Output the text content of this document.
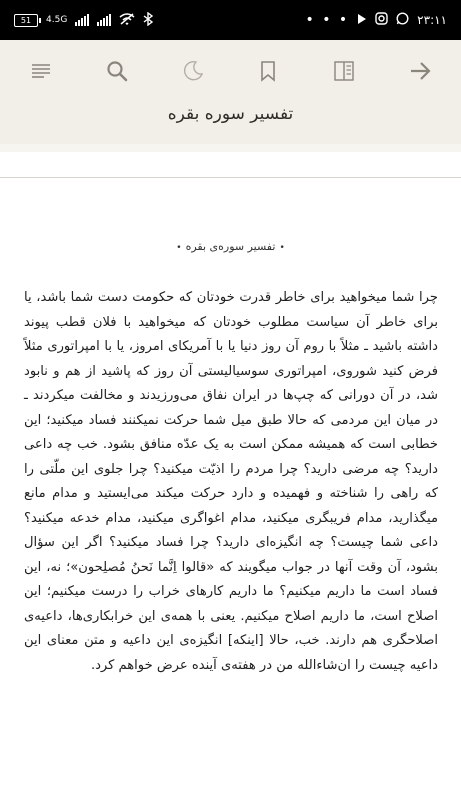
51	4.5G	• • •	۲۳:۱۱
تفسیر سوره بقره
•تفسیر سوره‌ی بقره•
چرا شما میخواهید برای خاطر قدرت خودتان که حکومت دست شما باشد، یا برای خاطر آن سیاست مطلوب خودتان که میخواهید با فلان قطب پیوند داشته باشید ـ مثلاً با روم آن روز دنیا یا با آمریکای امروز، یا با امپراتوری مثلاً فرض کنید شوروی، امپراتوری سوسیالیستی آن روز که پاشید از هم و نابود شد، در آن دورانی که چپ‌ها در ایران نفاق می‌ورزیدند و مخالفت میکردند ـ در میان این مردمی که حالا طبق میل شما حرکت نمیکنند فساد میکنید؛ این خطابی است که همیشه ممکن است به یک عدّه منافق بشود. خب چه داعی دارید؟ چه مرضی دارید؟ چرا مردم را اذیّت میکنید؟ چرا جلوی این ملّتی را که راهی را شناخته و فهمیده و دارد حرکت میکند می‌ایستید و مدام مانع میگذارید، مدام فریبگری میکنید، مدام اغواگری میکنید، مدام خدعه میکنید؟ داعی شما چیست؟ چه انگیزه‌ای دارید؟ چرا فساد میکنید؟ اگر این سؤال بشود، آن وقت آنها در جواب میگویند که «قالوا اِنَّما نَحنُ مُصلِحون»؛ نه، این فساد است ما داریم میکنیم؟ ما داریم کارهای خراب را درست میکنیم؛ این اصلاح است، ما داریم اصلاح میکنیم. یعنی با همه‌ی این خرابکاری‌ها، داعیه‌ی اصلاحگری هم دارند. خب، حالا [اینکه] انگیزه‌ی این داعیه و متن معنای این داعیه چیست را ان‌شاءالله من در هفته‌ی آینده عرض خواهم کرد.
